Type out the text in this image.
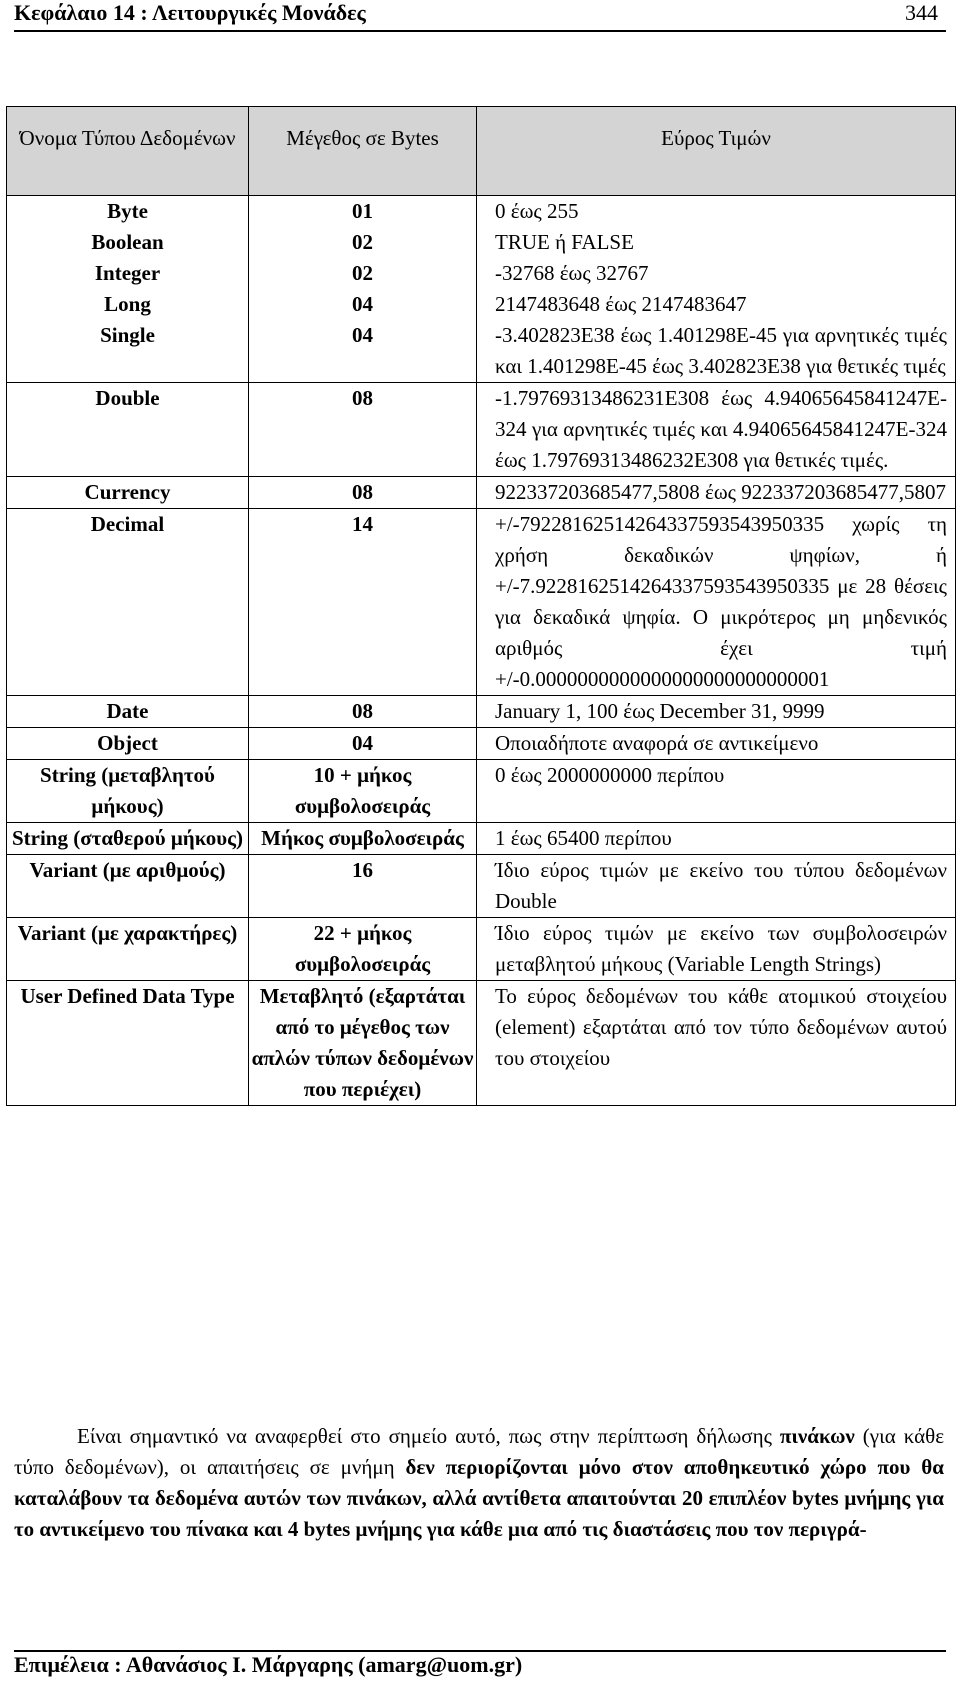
Κεφάλαιο 14 : Λειτουργικές Μονάδες	344
Όνομα Τύπου Δεδομένων	Μέγεθος σε Bytes	Εύρος Τιμών

Byte	01	0 έως 255
Boolean	02	TRUE ή FALSE
Integer	02	-32768 έως 32767
Long	04	2147483648 έως 2147483647
Single	04	-3.402823E38 έως 1.401298E-45 για αρνητικές τιμές και 1.401298E-45 έως 3.402823E38 για θετικές τιμές
Double	08	-1.79769313486231E308 έως 4.94065645841247E-324 για αρνητικές τιμές και 4.94065645841247E-324 έως 1.79769313486232E308 για θετικές τιμές.
Currency	08	922337203685477,5808 έως 922337203685477,5807
Decimal	14	+/-79228162514264337593543950335 χωρίς τη χρήση δεκαδικών ψηφίων, ή +/-7.9228162514264337593543950335 με 28 θέσεις για δεκαδικά ψηφία. Ο μικρότερος μη μηδενικός αριθμός έχει τιμή +/-0.0000000000000000000000000001
Date	08	January 1, 100 έως December 31, 9999
Object	04	Οποιαδήποτε αναφορά σε αντικείμενο
String (μεταβλητού μήκους)	10 + μήκος συμβολοσειράς	0 έως 2000000000 περίπου
String (σταθερού μήκους)	Μήκος συμβολοσειράς	1 έως 65400 περίπου
Variant (με αριθμούς)	16	Ίδιο εύρος τιμών με εκείνο του τύπου δεδομένων Double
Variant (με χαρακτήρες)	22 + μήκος συμβολοσειράς	Ίδιο εύρος τιμών με εκείνο των συμβολοσειρών μεταβλητού μήκους (Variable Length Strings)
User Defined Data Type	Μεταβλητό (εξαρτάται από το μέγεθος των απλών τύπων δεδομένων που περιέχει)	Το εύρος δεδομένων του κάθε ατομικού στοιχείου (element) εξαρτάται από τον τύπο δεδομένων αυτού του στοιχείου
   Είναι σημαντικό να αναφερθεί στο σημείο αυτό, πως στην περίπτωση δήλωσης πινάκων (για κάθε τύπο δεδομένων), οι απαιτήσεις σε μνήμη δεν περιορίζονται μόνο στον αποθηκευτικό χώρο που θα καταλάβουν τα δεδομένα αυτών των πινάκων, αλλά αντίθετα απαιτούνται 20 επιπλέον bytes μνήμης για το αντικείμενο του πίνακα και 4 bytes μνήμης για κάθε μια από τις διαστάσεις που τον περιγρά-
Επιμέλεια : Αθανάσιος Ι. Μάργαρης (amarg@uom.gr)
